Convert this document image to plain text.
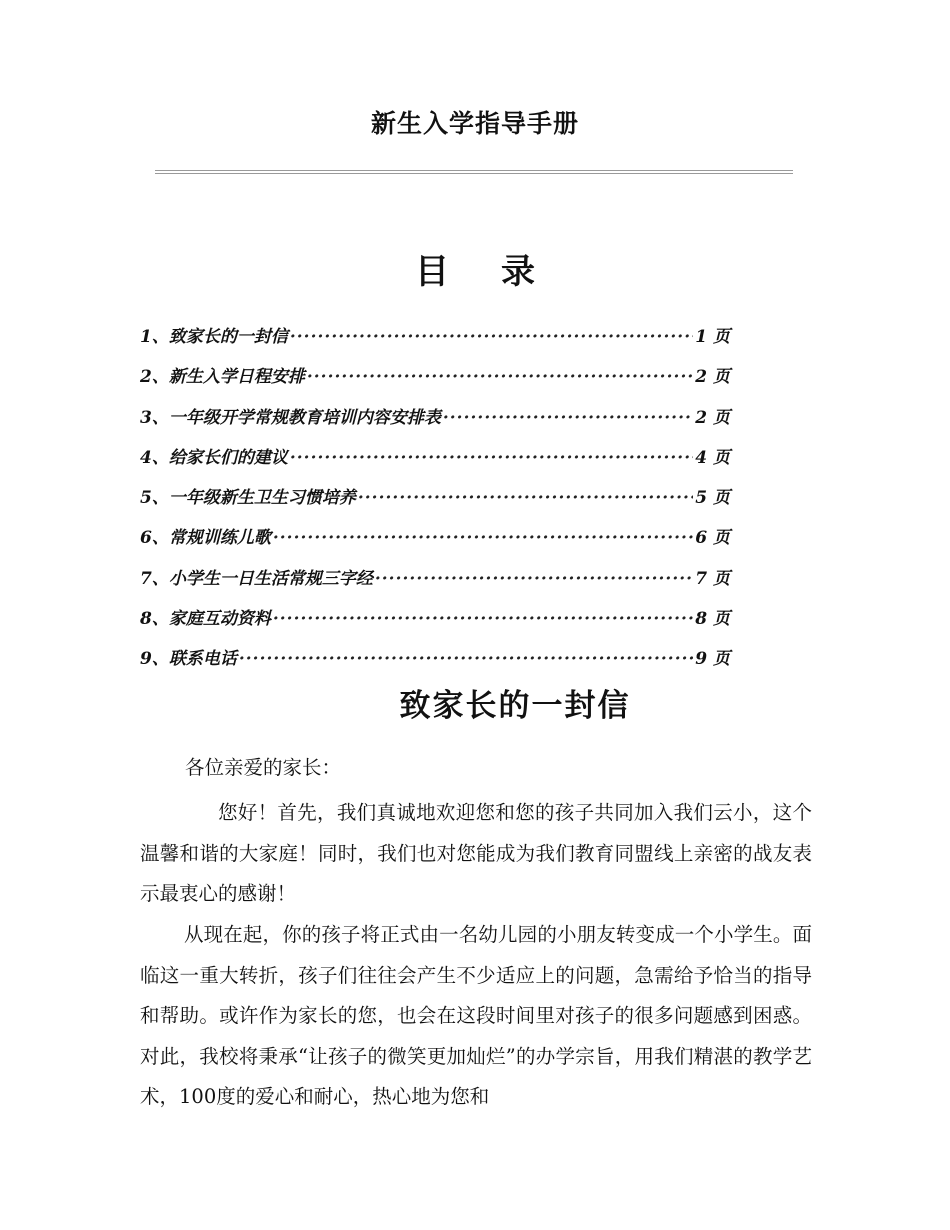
新生入学指导手册
目 录
1、 致家长的一封信 ·····	1 页
2、 新生入学日程安排 ·····	2 页
3、 一年级开学常规教育培训内容安排表 ·····	2 页
4、 给家长们的建议 ·····	4 页
5、 一年级新生卫生习惯培养 ·····	5 页
6、 常规训练儿歌 ·····	6 页
7、 小学生一日生活常规三字经 ·····	7 页
8、 家庭互动资料 ·····	8 页
9、 联系电话 ·····	9 页
致家长的一封信
各位亲爱的家长：
您好！首先，我们真诚地欢迎您和您的孩子共同加入我们云小，这个温馨和谐的大家庭！同时，我们也对您能成为我们教育同盟线上亲密的战友表示最衷心的感谢！
从现在起，你的孩子将正式由一名幼儿园的小朋友转变成一个小学生。面临这一重大转折，孩子们往往会产生不少适应上的问题，急需给予恰当的指导和帮助。或许作为家长的您，也会在这段时间里对孩子的很多问题感到困惑。对此，我校将秉承“让孩子的微笑更加灿烂”的办学宗旨，用我们精湛的教学艺术，100度的爱心和耐心，热心地为您和
